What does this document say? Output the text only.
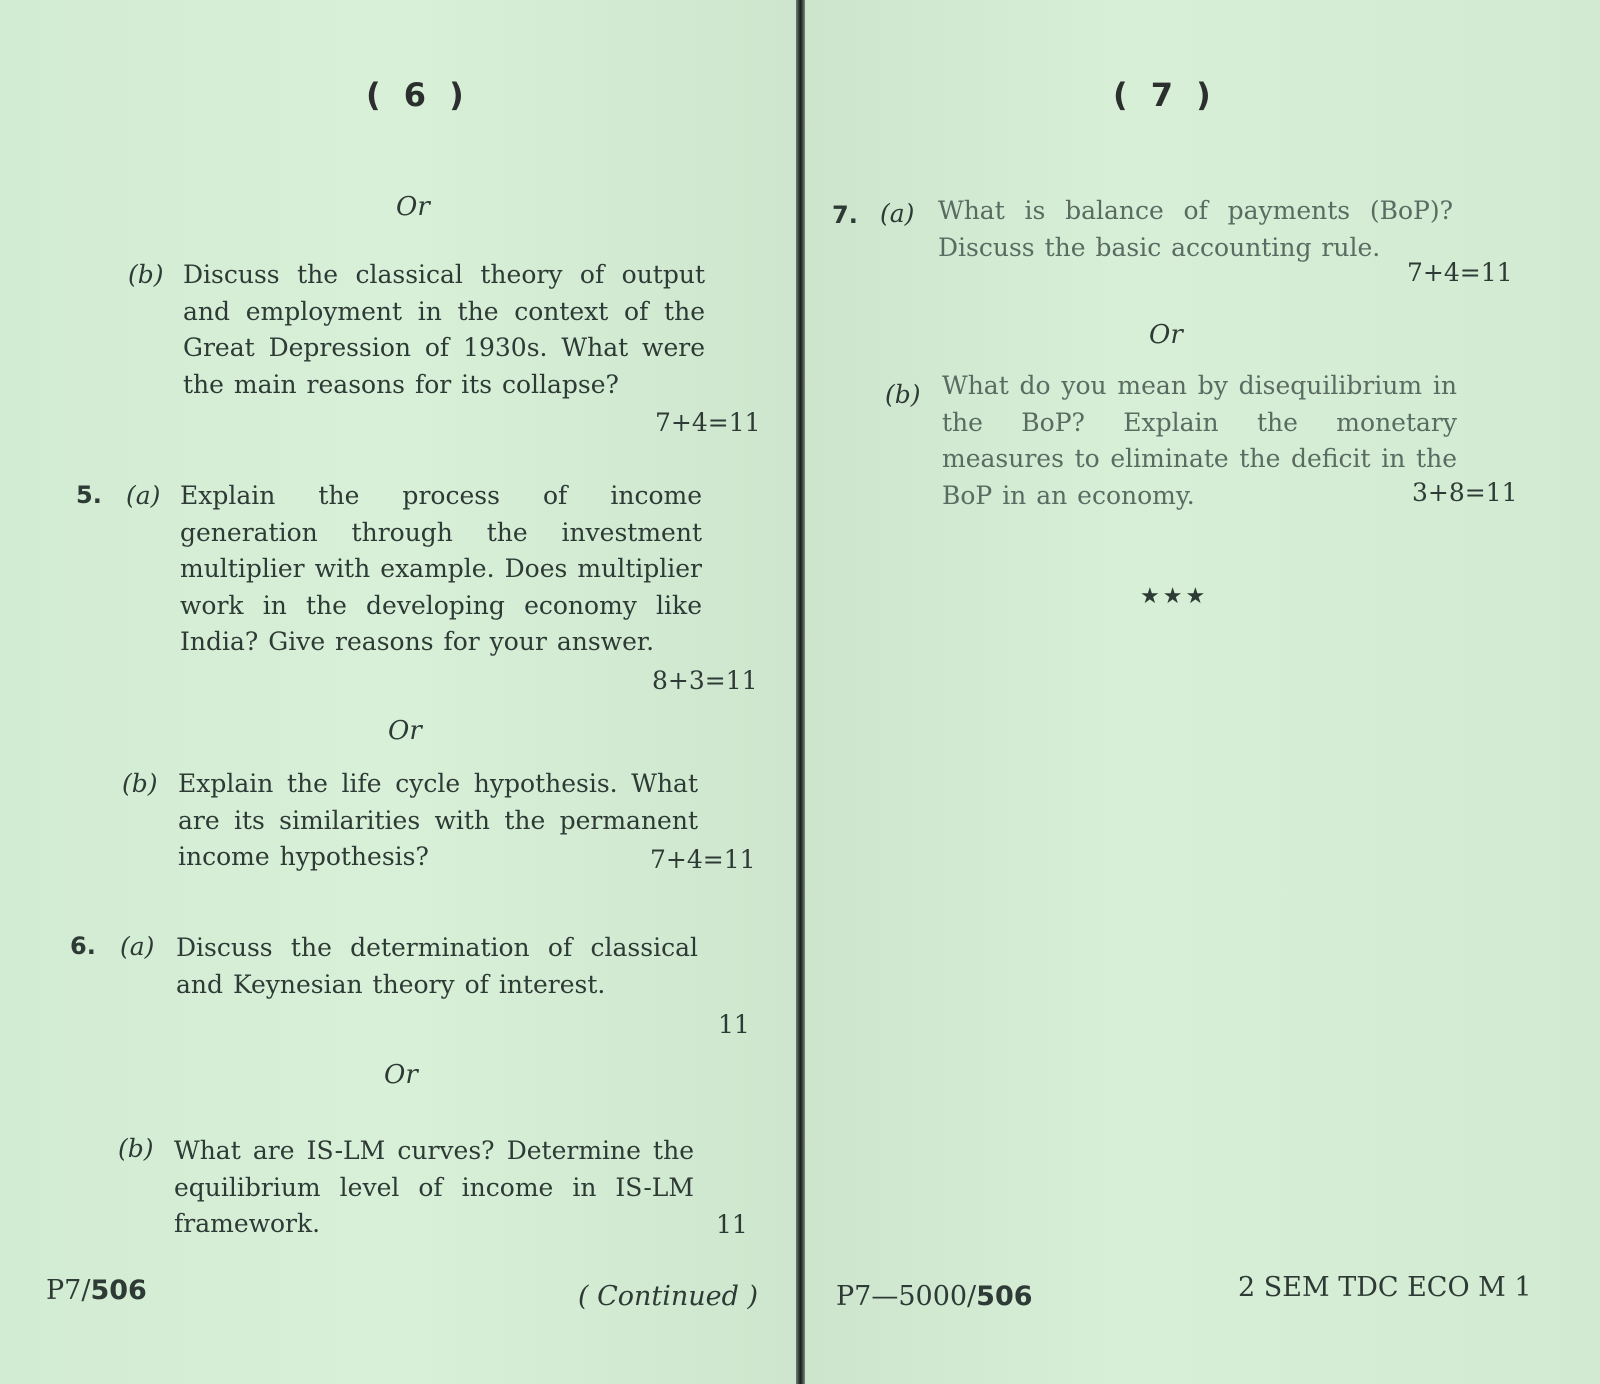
( 6 )
Or
(b) Discuss the classical theory of output and employment in the context of the Great Depression of 1930s. What were the main reasons for its collapse?
7+4=11
5. (a) Explain the process of income generation through the investment multiplier with example. Does multiplier work in the developing economy like India? Give reasons for your answer.
8+3=11
Or
(b) Explain the life cycle hypothesis. What are its similarities with the permanent income hypothesis?	7+4=11
6. (a) Discuss the determination of classical and Keynesian theory of interest.
11
Or
(b) What are IS-LM curves? Determine the equilibrium level of income in IS-LM framework.	11
P7/506	( Continued )
( 7 )
7. (a) What is balance of payments (BoP)? Discuss the basic accounting rule.
7+4=11
Or
(b) What do you mean by disequilibrium in the BoP? Explain the monetary measures to eliminate the deficit in the BoP in an economy.	3+8=11
★★★
P7—5000/506	2 SEM TDC ECO M 1
